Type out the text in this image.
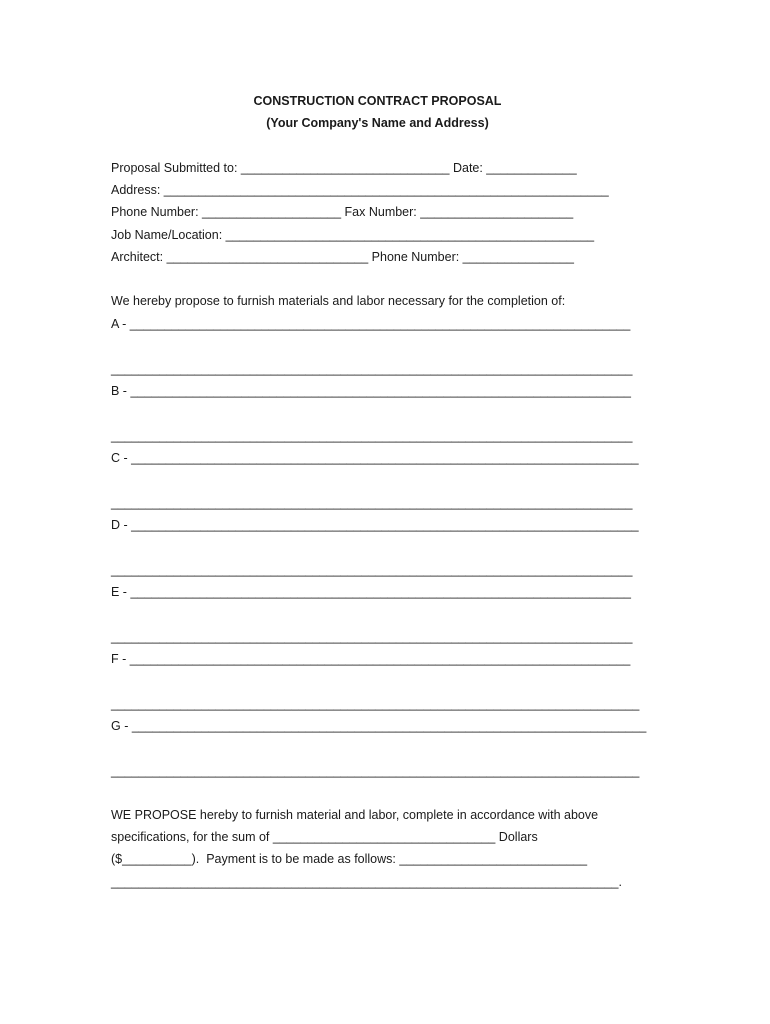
CONSTRUCTION CONTRACT PROPOSAL
(Your Company's Name and Address)
Proposal Submitted to: ______________________________ Date: _____________
Address: ________________________________________________________________
Phone Number: ____________________ Fax Number: ______________________
Job Name/Location: _____________________________________________________
Architect: _____________________________ Phone Number: ________________
We hereby propose to furnish materials and labor necessary for the completion of:
A - ________________________________________________________________________
___________________________________________________________________________
B - ________________________________________________________________________
___________________________________________________________________________
C - _________________________________________________________________________
___________________________________________________________________________
D - _________________________________________________________________________
___________________________________________________________________________
E - ________________________________________________________________________
___________________________________________________________________________
F - ________________________________________________________________________
____________________________________________________________________________
G - __________________________________________________________________________
____________________________________________________________________________
WE PROPOSE hereby to furnish material and labor, complete in accordance with above
specifications, for the sum of ________________________________ Dollars
($__________).  Payment is to be made as follows: ___________________________
_________________________________________________________________________.
